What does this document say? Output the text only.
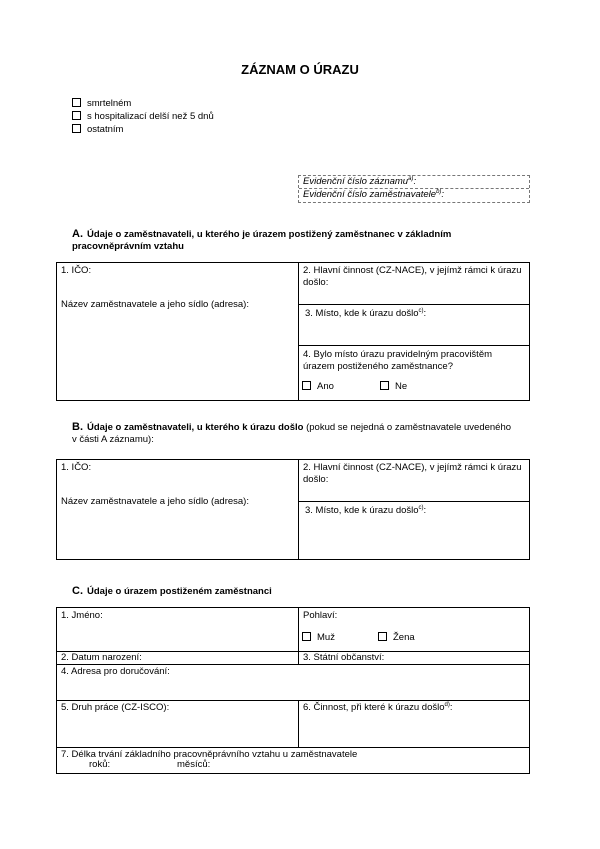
ZÁZNAM O ÚRAZU
smrtelném
s hospitalizací delší než 5 dnů
ostatním
Evidenční číslo záznamu$^{a)}$:
Evidenční číslo zaměstnavatele$^{b)}$:
A. Údaje o zaměstnavateli, u kterého je úrazem postižený zaměstnanec v základním pracovněprávním vztahu
1. IČO:
Název zaměstnavatele a jeho sídlo (adresa):
2. Hlavní činnost (CZ-NACE), v jejímž rámci k úrazu došlo:
3. Místo, kde k úrazu došlo$^{c)}$:
4. Bylo místo úrazu pravidelným pracovištěm úrazem postiženého zaměstnance?
Ano	Ne
B. Údaje o zaměstnavateli, u kterého k úrazu došlo (pokud se nejedná o zaměstnavatele uvedeného v části A záznamu):
1. IČO:
Název zaměstnavatele a jeho sídlo (adresa):
2. Hlavní činnost (CZ-NACE), v jejímž rámci k úrazu došlo:
3. Místo, kde k úrazu došlo$^{c)}$:
C. Údaje o úrazem postiženém zaměstnanci
1. Jméno:	Pohlaví:
Muž	Žena
2. Datum narození:	3. Státní občanství:
4. Adresa pro doručování:
5. Druh práce (CZ-ISCO):	6. Činnost, při které k úrazu došlo$^{d)}$:
7. Délka trvání základního pracovněprávního vztahu u zaměstnavatele
roků:	měsíců:
